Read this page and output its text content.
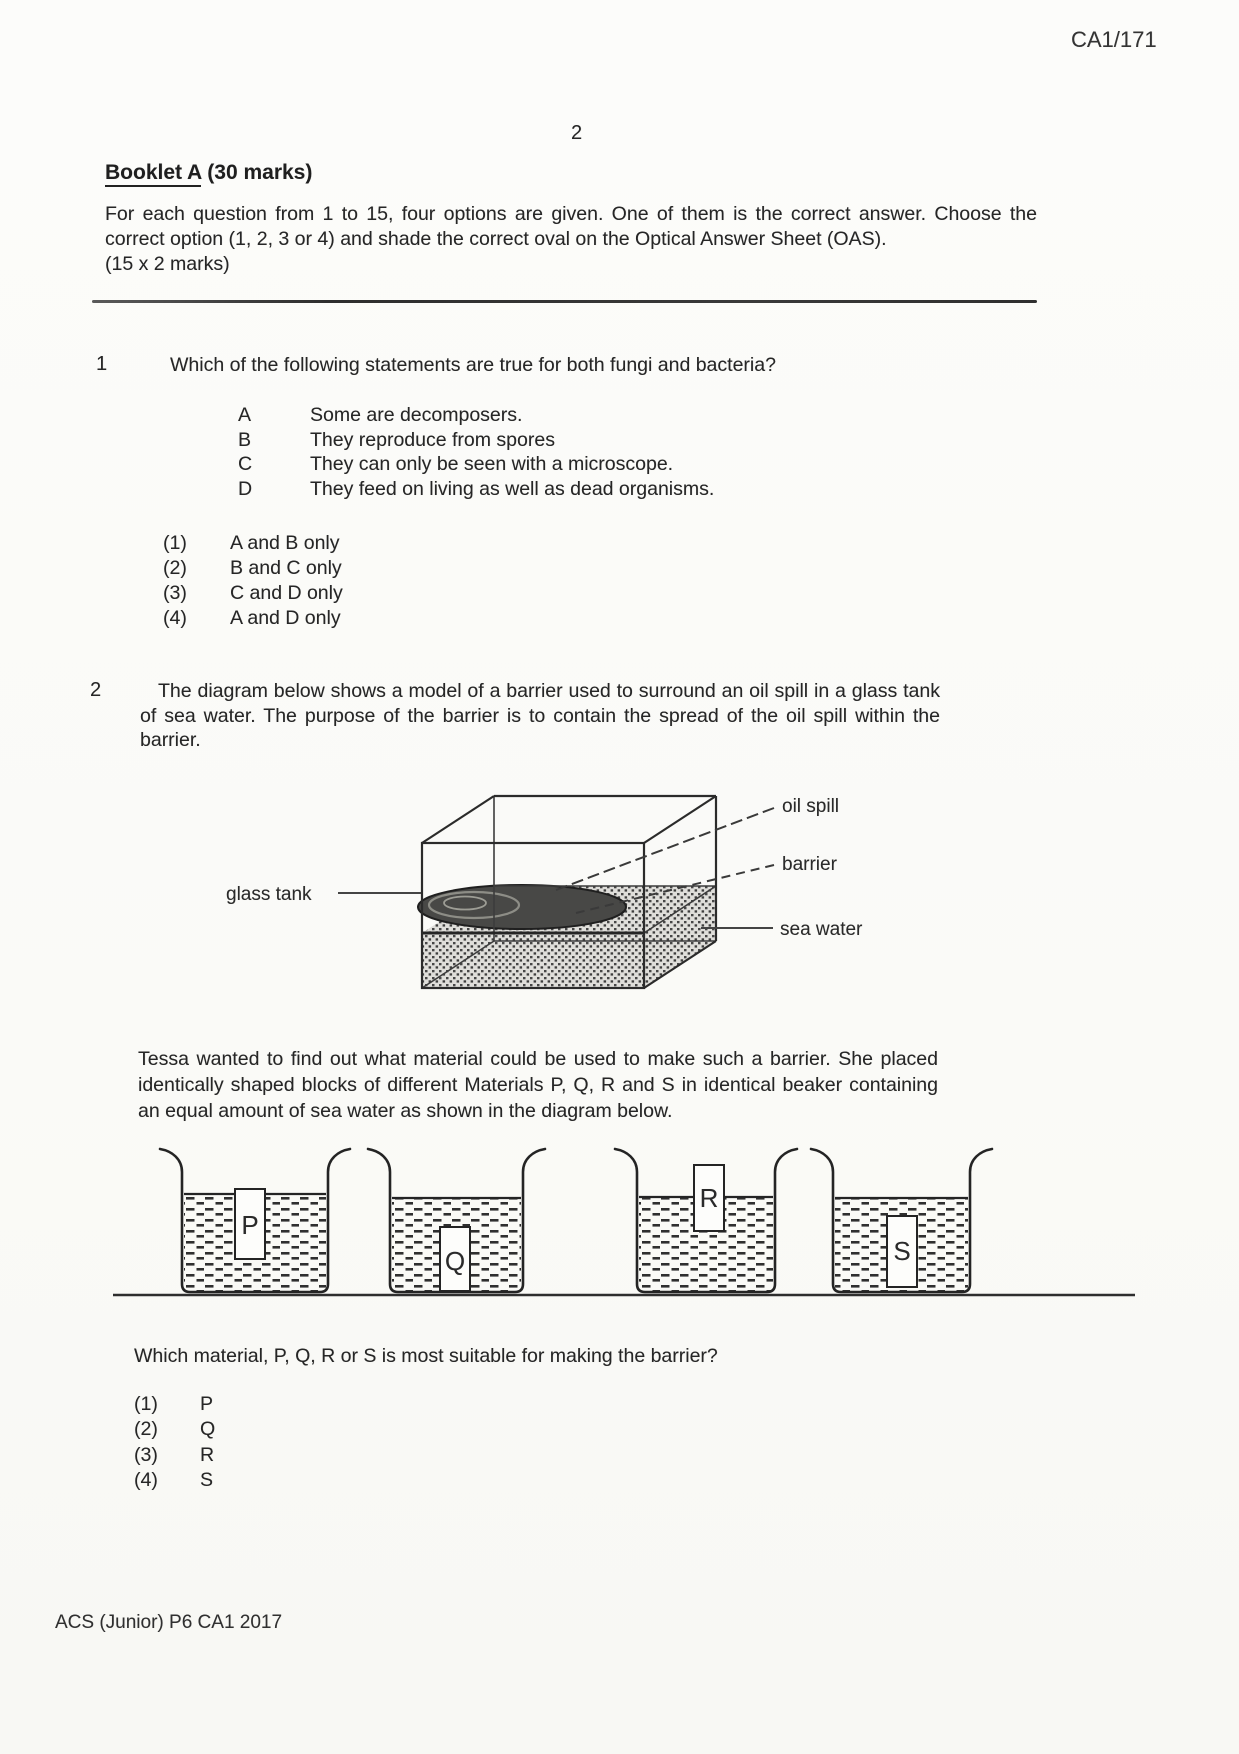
CA1/171
2
Booklet A (30 marks)
For each question from 1 to 15, four options are given. One of them is the correct answer. Choose the correct option (1, 2, 3 or 4) and shade the correct oval on the Optical Answer Sheet (OAS).
(15 x 2 marks)
1	Which of the following statements are true for both fungi and bacteria?
A	Some are decomposers.
B	They reproduce from spores
C	They can only be seen with a microscope.
D	They feed on living as well as dead organisms.
(1)	A and B only
(2)	B and C only
(3)	C and D only
(4)	A and D only
2	The diagram below shows a model of a barrier used to surround an oil spill in a glass tank of sea water. The purpose of the barrier is to contain the spread of the oil spill within the barrier.
glass tank
oil spill
barrier
sea water
Tessa wanted to find out what material could be used to make such a barrier. She placed identically shaped blocks of different Materials P, Q, R and S in identical beaker containing an equal amount of sea water as shown in the diagram below.
P
Q
R
S
Which material, P, Q, R or S is most suitable for making the barrier?
(1)	P
(2)	Q
(3)	R
(4)	S
ACS (Junior) P6 CA1 2017
